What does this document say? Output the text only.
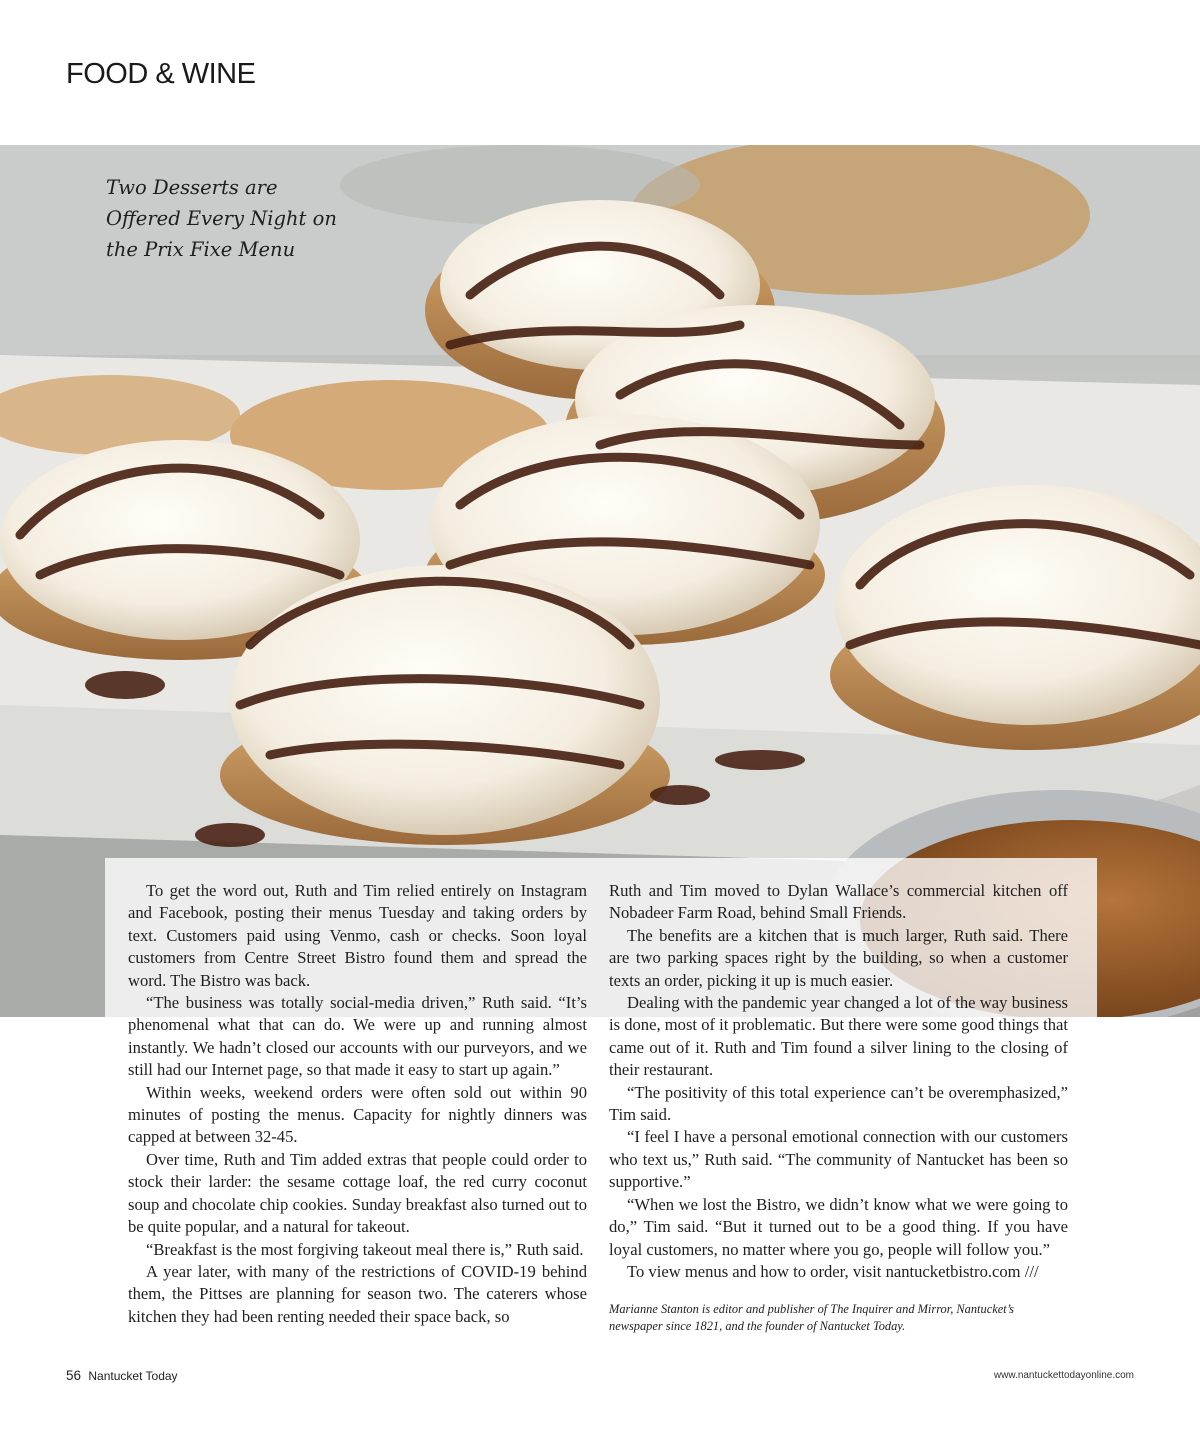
FOOD & WINE

Two Desserts are
Offered Every Night on
the Prix Fixe Menu

To get the word out, Ruth and Tim relied entirely on Instagram and Facebook, posting their menus Tuesday and taking orders by text. Customers paid using Venmo, cash or checks. Soon loyal customers from Centre Street Bistro found them and spread the word. The Bistro was back.

“The business was totally social-media driven,” Ruth said. “It’s phenomenal what that can do. We were up and running almost instantly. We hadn’t closed our accounts with our purveyors, and we still had our Internet page, so that made it easy to start up again.”

Within weeks, weekend orders were often sold out within 90 minutes of posting the menus. Capacity for nightly dinners was capped at between 32-45.

Over time, Ruth and Tim added extras that people could order to stock their larder: the sesame cottage loaf, the red curry coconut soup and chocolate chip cookies. Sunday breakfast also turned out to be quite popular, and a natural for takeout.

“Breakfast is the most forgiving takeout meal there is,” Ruth said.

A year later, with many of the restrictions of COVID-19 behind them, the Pittses are planning for season two. The caterers whose kitchen they had been renting needed their space back, so

Ruth and Tim moved to Dylan Wallace’s commercial kitchen off Nobadeer Farm Road, behind Small Friends.

The benefits are a kitchen that is much larger, Ruth said. There are two parking spaces right by the building, so when a customer texts an order, picking it up is much easier.

Dealing with the pandemic year changed a lot of the way business is done, most of it problematic. But there were some good things that came out of it. Ruth and Tim found a silver lining to the closing of their restaurant.

“The positivity of this total experience can’t be overemphasized,” Tim said.

“I feel I have a personal emotional connection with our customers who text us,” Ruth said. “The community of Nantucket has been so supportive.”

“When we lost the Bistro, we didn’t know what we were going to do,” Tim said. “But it turned out to be a good thing. If you have loyal customers, no matter where you go, people will follow you.”

To view menus and how to order, visit nantucketbistro.com ///

Marianne Stanton is editor and publisher of The Inquirer and Mirror, Nantucket’s newspaper since 1821, and the founder of Nantucket Today.

56 Nantucket Today	www.nantuckettodayonline.com
